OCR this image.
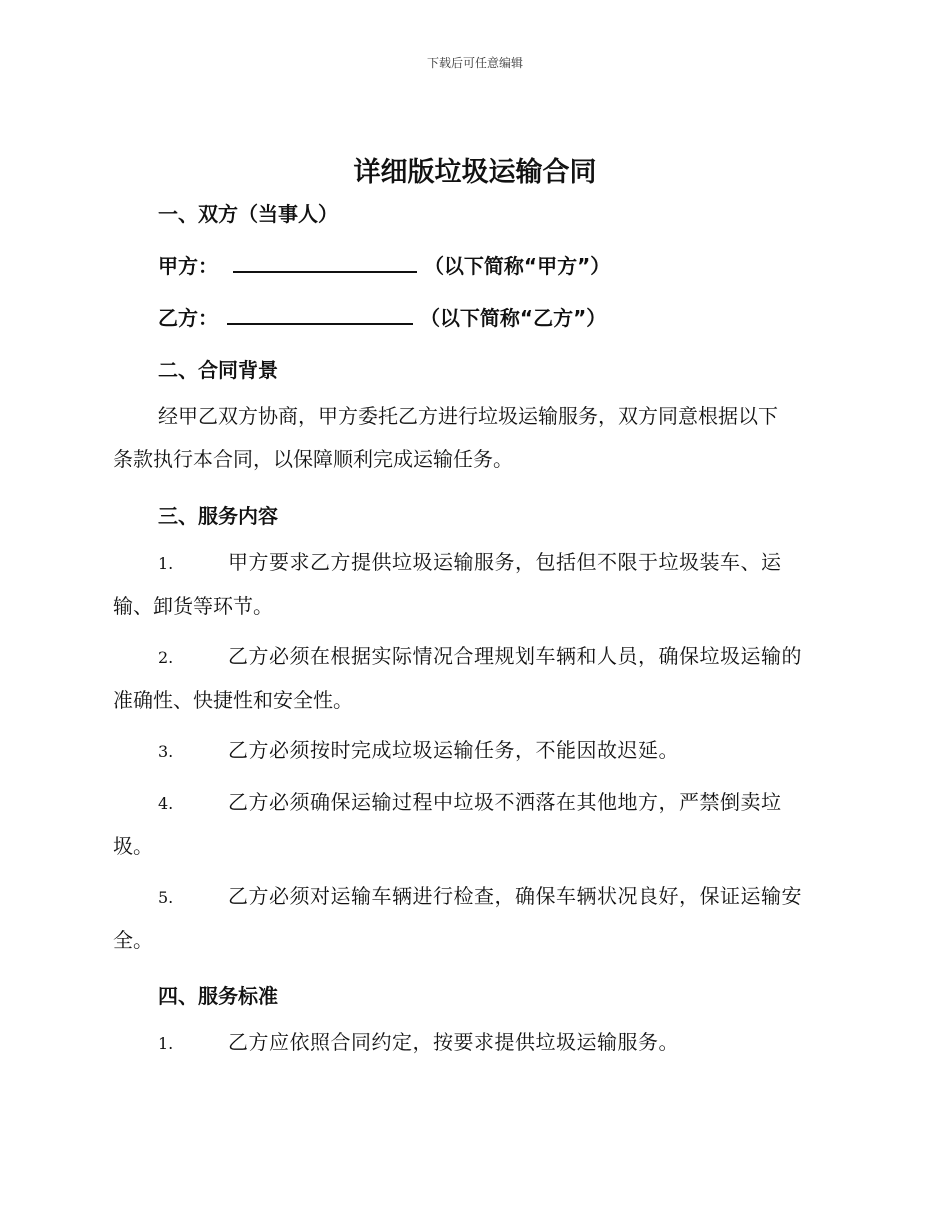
下载后可任意编辑
详细版垃圾运输合同
一、双方（当事人）
甲方：	（以下简称“甲方”）
乙方：	（以下简称“乙方”）
二、合同背景
经甲乙双方协商，甲方委托乙方进行垃圾运输服务，双方同意根据以下
条款执行本合同，以保障顺利完成运输任务。
三、服务内容
1.	甲方要求乙方提供垃圾运输服务，包括但不限于垃圾装车、运
输、卸货等环节。
2.	乙方必须在根据实际情况合理规划车辆和人员，确保垃圾运输的
准确性、快捷性和安全性。
3.	乙方必须按时完成垃圾运输任务，不能因故迟延。
4.	乙方必须确保运输过程中垃圾不洒落在其他地方，严禁倒卖垃
圾。
5.	乙方必须对运输车辆进行检查，确保车辆状况良好，保证运输安
全。
四、服务标准
1.	乙方应依照合同约定，按要求提供垃圾运输服务。
